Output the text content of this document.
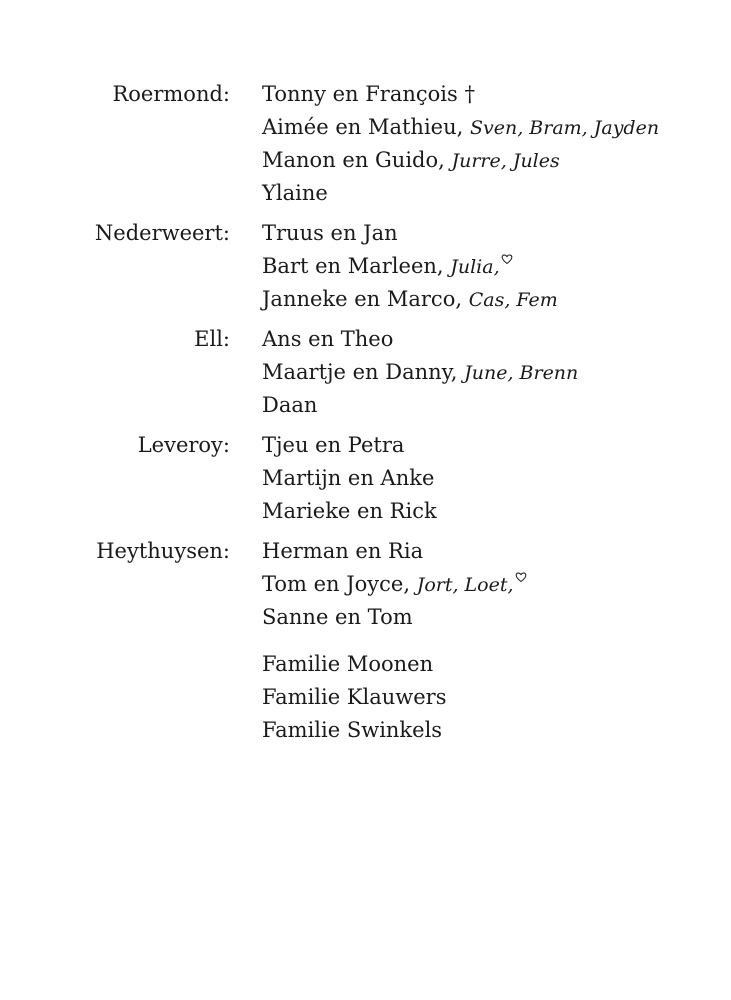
Roermond: Tonny en François †
Aimée en Mathieu, Sven, Bram, Jayden
Manon en Guido, Jurre, Jules
Ylaine
Nederweert: Truus en Jan
Bart en Marleen, Julia,
Janneke en Marco, Cas, Fem
Ell: Ans en Theo
Maartje en Danny, June, Brenn
Daan
Leveroy: Tjeu en Petra
Martijn en Anke
Marieke en Rick
Heythuysen: Herman en Ria
Tom en Joyce, Jort, Loet,
Sanne en Tom
Familie Moonen
Familie Klauwers
Familie Swinkels
